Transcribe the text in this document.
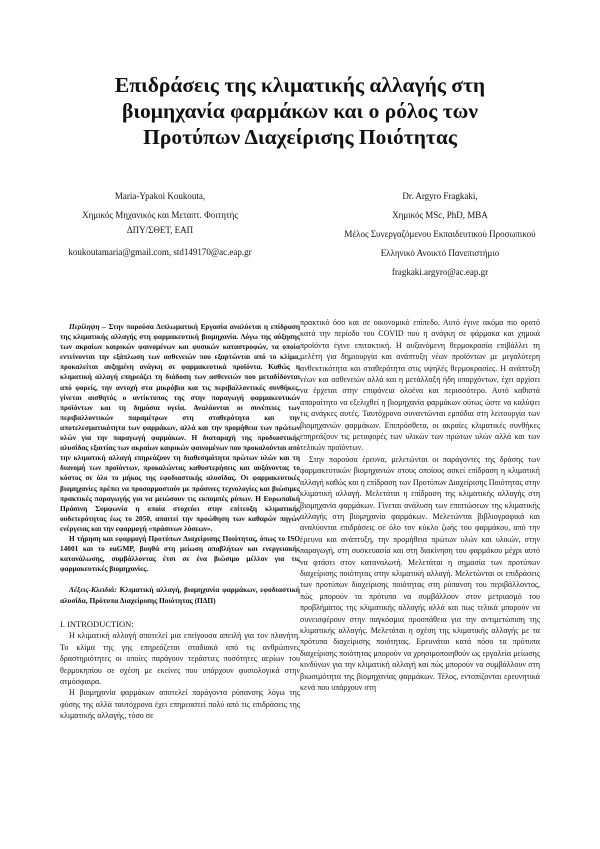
Επιδράσεις της κλιματικής αλλαγής στη
βιομηχανία φαρμάκων και ο ρόλος των
Προτύπων Διαχείρισης Ποιότητας
Maria-Ypakoi Koukouta,
Χημικός Μηχανικός και Μεταπτ. Φοιτητής
ΔΠΥ/ΣΘΕΤ, ΕΑΠ
koukoutamaria@gmail.com, std149170@ac.eap.gr
Dr. Argyro Fragkaki,
Χημικός MSc, PhD, MBA
Μέλος Συνεργαζόμενου Εκπαιδευτικού Προσωπικού
Ελληνικό Ανοικτό Πανεπιστήμιο
fragkaki.argyro@ac.eap.gr

Περίληψη – Στην παρούσα Διπλωματική Εργασία αναλύεται η επίδραση της κλιματικής αλλαγής στη φαρμακευτική βιομηχανία. Λόγω της αύξησης των ακραίων καιρικών φαινομένων και φυσικών καταστροφών, τα οποία εντείνονται την εξάπλωση των ασθενειών που εξαρτώνται από το κλίμα, προκαλείται αυξημένη ανάγκη σε φαρμακευτικά προϊόντα. Καθώς η κλιματική αλλαγή επηρεάζει τη διάδοση των ασθενειών που μεταδίδονται από φορείς, την αντοχή στα μικρόβια και τις περιβαλλοντικές συνθήκες, γίνεται αισθητός ο αντίκτυπος της στην παραγωγή φαρμακευτικών προϊόντων και τη δημόσια υγεία. Αναλύονται οι συνέπειες των περιβαλλοντικών παραμέτρων στη σταθερότητα και την αποτελεσματικότητα των φαρμάκων, αλλά και την προμήθεια των πρώτων υλών για την παραγωγή φαρμάκων. Η διαταραχή της προδιαστικής αλυσίδας εξαιτίας των ακραίων καιρικών φαινομένων που προκαλούνται από την κλιματική αλλαγή επηρεάζουν τη διαθεσιμότητα πρώτων υλών και τη διανομή των προϊόντων, προκαλώντας καθυστερήσεις και αυξάνοντας το κόστος σε όλο το μήκος της εφοδιαστικής αλυσίδας. Οι φαρμακευτικές βιομηχανίες πρέπει να προσαρμοστούν με πράσινες τεχνολογίες και βιώσιμες πρακτικές παραγωγής για να μειώσουν τις εκπομπές ρύπων. Η Ευρωπαϊκή Πράσινη Συμφωνία η οποία στοχεύει στην επίτευξη κλιματικής ουδετερότητας έως το 2050, απαιτεί την προώθηση των καθαρών πηγών ενέργειας και την εφαρμογή «πράσινων λύσεων».

Η τήρηση και εφαρμογή Προτύπων Διαχείρισης Ποιότητας, όπως το ISO 14001 και το euGMP, βοηθά στη μείωση αποβλήτων και ενεργειακής κατανάλωσης, συμβάλλοντας έτσι σε ένα βιώσιμο μέλλον για τις φαρμακευτικές βιομηχανίες.

Λέξεις-Κλειδιά: Κλιματική αλλαγή, βιομηχανία φαρμάκων, εφοδιαστική αλυσίδα, Πρότυπα Διαχείρισης Ποιότητας (ΠΔΠ)

I. INTRODUCTION:

Η κλιματική αλλαγή αποτελεί μια επείγουσα απειλή για τον πλανήτη. Το κλίμα της γης επηρεάζεται σταδιακά από τις ανθρώπινες δραστηριότητες οι οποίες παράγουν τεράστιες ποσότητες αερίων του θερμοκηπίου σε σχέση με εκείνες που υπάρχουν φυσιολογικά στην ατμόσφαιρα.

Η βιομηχανία φαρμάκων αποτελεί παράγοντα ρύπανσης λόγω της φύσης της αλλά ταυτόχρονα έχει επηρεαστεί πολύ από τις επιδράσεις της κλιματικής αλλαγής, τόσο σε

πρακτικό όσο και σε οικονομικό επίπεδο. Αυτό έγινε ακόμα πιο ορατό κατά την περίοδο του COVID που η ανάγκη σε φάρμακα και χημικά προϊόντα έγινε επιτακτική. Η αυξανόμενη θερμοκρασία επιβάλλει τη μελέτη για δημιουργία και ανάπτυξη νέων προϊόντων με μεγαλύτερη ανθεκτικότητα και σταθερότητα στις υψηλές θερμοκρασίες. Η ανάπτυξη νέων και ασθενειών αλλά και η μετάλλαξη ήδη υπαρχόντων, έχει αρχίσει να έρχεται στην επιφάνεια ολοένα και περισσότερο. Αυτό καθιστά απαραίτητο να εξελιχθεί η βιομηχανία φαρμάκων ούτως ώστε να καλύψει τις ανάγκες αυτές. Ταυτόχρονα συναντώνται εμπόδια στη λειτουργία των βιομηχανιών φαρμάκων. Επιπρόσθετα, οι ακραίες κλιματικές συνθήκες επηρεάζουν τις μεταφορές των υλικών των πρώτων υλών αλλά και των τελικών προϊόντων.

Στην παρούσα έρευνα, μελετώνται οι παράγοντες της δράσης των φαρμακευτικών βιομηχανιών στους οποίους ασκεί επίδραση η κλιματική αλλαγή καθώς και η επίδραση των Προτύπων Διαχείρισης Ποιότητας στην κλιματική αλλαγή. Μελετάται η επίδραση της κλιματικής αλλαγής στη βιομηχανία φαρμάκων. Γίνεται ανάλυση των επιπτώσεων της κλιματικής αλλαγής στη βιομηχανία φαρμάκων. Μελετώνται βιβλιογραφικά και αναλύονται επιδράσεις σε όλο τον κύκλο ζωής του φαρμάκου, από την έρευνα και ανάπτυξη, την προμήθεια πρώτων υλών και υλικών, στην παραγωγή, στη συσκευασία και στη διακίνηση του φαρμάκου μέχρι αυτό να φτάσει στον καταναλωτή. Μελετάται η σημασία των προτύπων διαχείρισης ποιότητας στην κλιματική αλλαγή. Μελετώνται οι επιδράσεις των προτύπων διαχείρισης ποιότητας στη ρύπανση του περιβάλλοντος, πώς μπορούν τα πρότυπα να συμβάλλουν στον μετριασμό του προβλήματος της κλιματικής αλλαγής αλλά και πως τελικά μπορούν να συνεισφέρουν στην παγκόσμια προσπάθεια για την αντιμετώπιση της κλιματικής αλλαγής. Μελετάται η σχέση της κλιματικής αλλαγής με τα πρότυπα διαχείρισης ποιότητας. Ερευνάται κατά πόσο τα πρότυπα διαχείρισης ποιότητας μπορούν να χρησιμοποιηθούν ως εργαλεία μείωσης κινδύνων για την κλιματική αλλαγή και πώς μπορούν να συμβάλλουν στη βιωσιμότητα της βιομηχανίας φαρμάκων. Τέλος, εντοπίζονται ερευνητικά κενά που υπάρχουν στη
